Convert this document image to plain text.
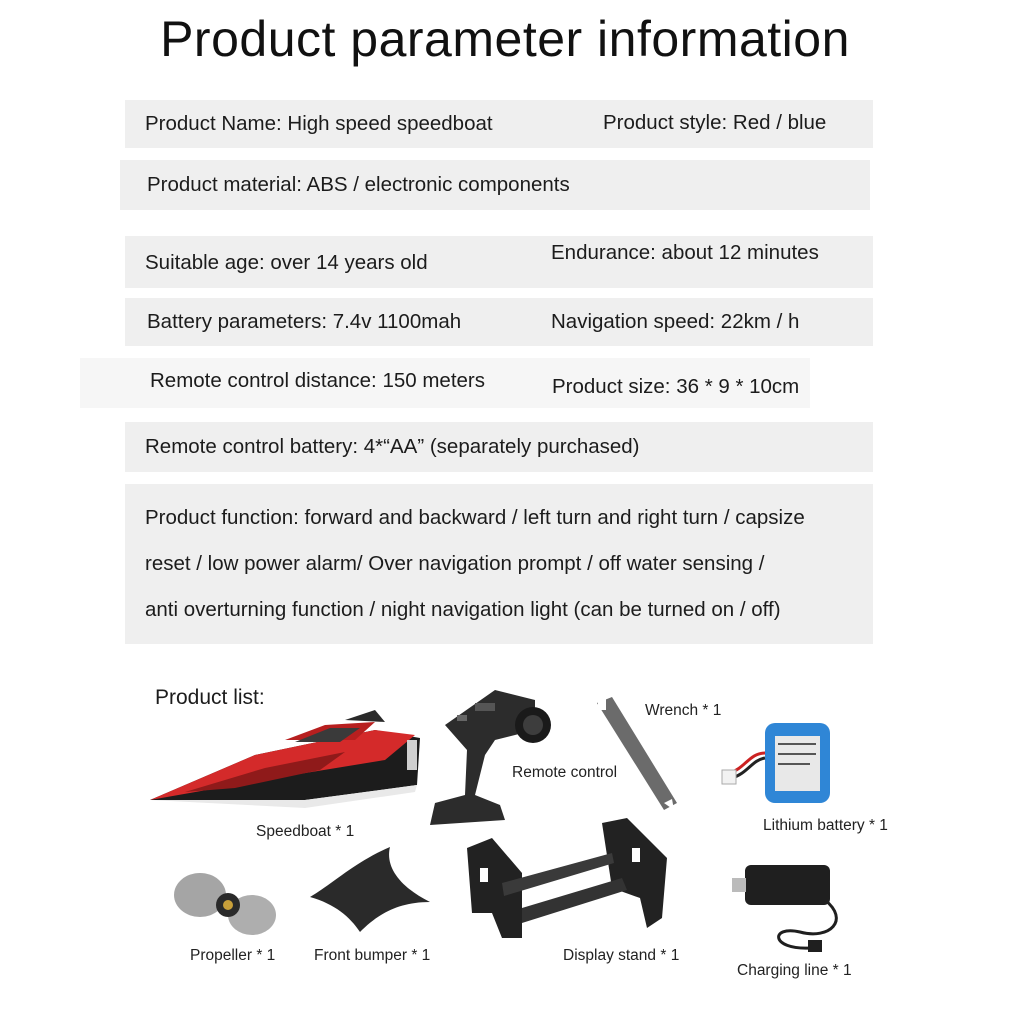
Product parameter information
Product Name: High speed speedboat	Product style: Red / blue
Product material: ABS / electronic components
Suitable age: over 14 years old	Endurance: about 12 minutes
Battery parameters: 7.4v 1100mah	Navigation speed: 22km / h
Remote control distance: 150 meters	Product size: 36 * 9 * 10cm
Remote control battery: 4*“AA” (separately purchased)
Product function: forward and backward / left turn and right turn / capsize
reset / low power alarm/ Over navigation prompt / off water sensing /
anti overturning function / night navigation light (can be turned on / off)
Product list:
Speedboat * 1
Remote control
Wrench * 1
Lithium battery * 1
Propeller * 1 Front bumper * 1	Display stand * 1
Charging line * 1
